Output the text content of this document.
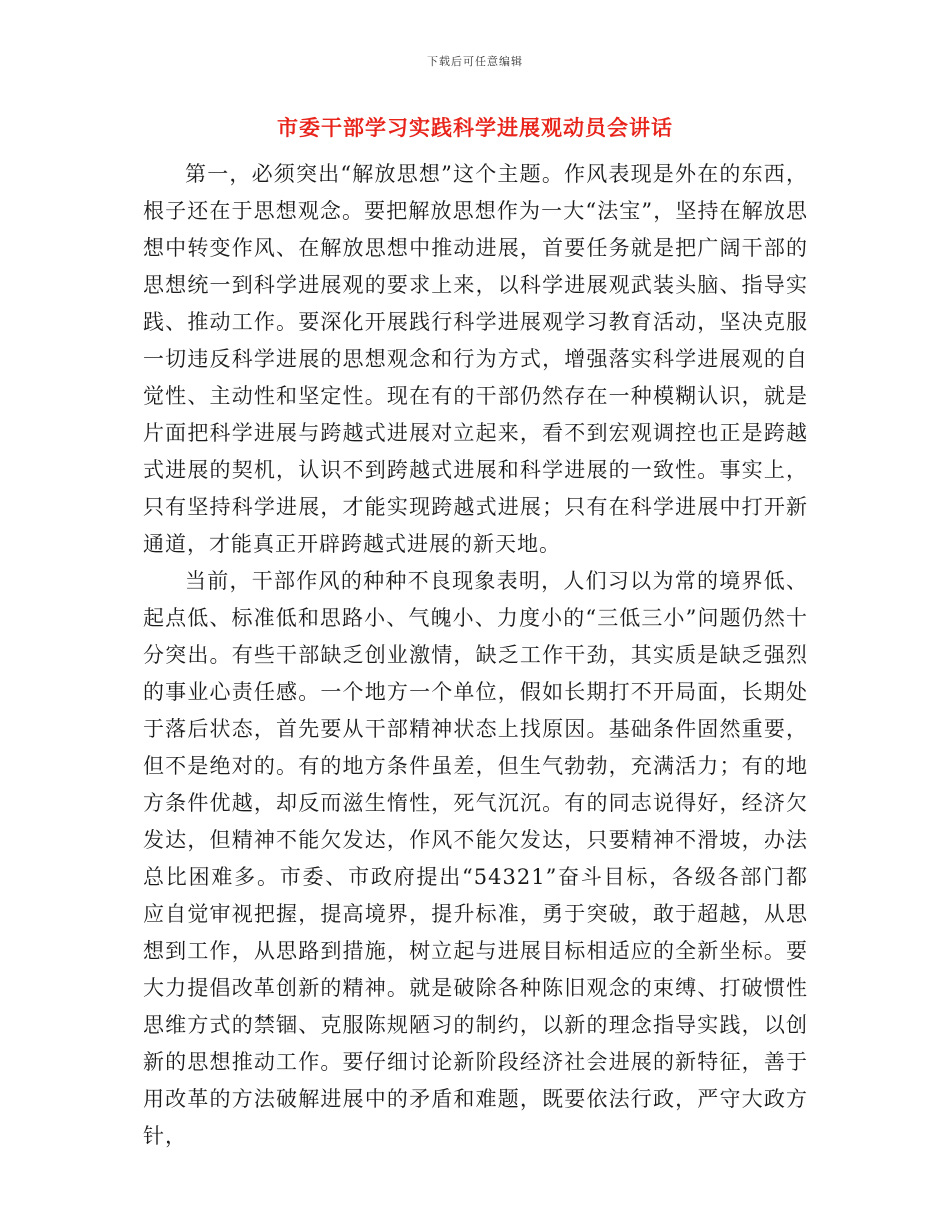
下载后可任意编辑
市委干部学习实践科学进展观动员会讲话

第一，必须突出“解放思想”这个主题。作风表现是外在的东西，根子还在于思想观念。要把解放思想作为一大“法宝”，坚持在解放思想中转变作风、在解放思想中推动进展，首要任务就是把广阔干部的思想统一到科学进展观的要求上来，以科学进展观武装头脑、指导实践、推动工作。要深化开展践行科学进展观学习教育活动，坚决克服一切违反科学进展的思想观念和行为方式，增强落实科学进展观的自觉性、主动性和坚定性。现在有的干部仍然存在一种模糊认识，就是片面把科学进展与跨越式进展对立起来，看不到宏观调控也正是跨越式进展的契机，认识不到跨越式进展和科学进展的一致性。事实上，只有坚持科学进展，才能实现跨越式进展；只有在科学进展中打开新通道，才能真正开辟跨越式进展的新天地。

当前，干部作风的种种不良现象表明，人们习以为常的境界低、起点低、标准低和思路小、气魄小、力度小的“三低三小”问题仍然十分突出。有些干部缺乏创业激情，缺乏工作干劲，其实质是缺乏强烈的事业心责任感。一个地方一个单位，假如长期打不开局面，长期处于落后状态，首先要从干部精神状态上找原因。基础条件固然重要，但不是绝对的。有的地方条件虽差，但生气勃勃，充满活力；有的地方条件优越，却反而滋生惰性，死气沉沉。有的同志说得好，经济欠发达，但精神不能欠发达，作风不能欠发达，只要精神不滑坡，办法总比困难多。市委、市政府提出“54321”奋斗目标，各级各部门都应自觉审视把握，提高境界，提升标准，勇于突破，敢于超越，从思想到工作，从思路到措施，树立起与进展目标相适应的全新坐标。要大力提倡改革创新的精神。就是破除各种陈旧观念的束缚、打破惯性思维方式的禁锢、克服陈规陋习的制约，以新的理念指导实践，以创新的思想推动工作。要仔细讨论新阶段经济社会进展的新特征，善于用改革的方法破解进展中的矛盾和难题，既要依法行政，严守大政方针，
